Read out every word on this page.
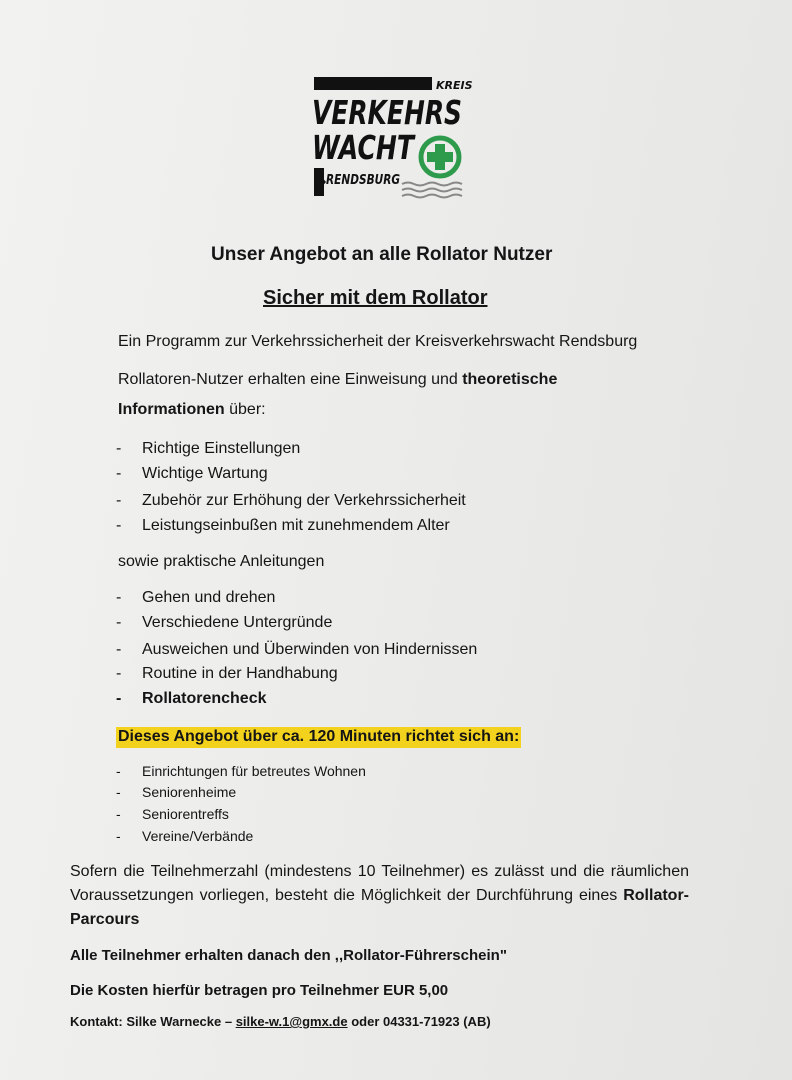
KREIS
VERKEHRS
WACHT
RENDSBURG
Unser Angebot an alle Rollator Nutzer
Sicher mit dem Rollator
Ein Programm zur Verkehrssicherheit der Kreisverkehrswacht Rendsburg
Rollatoren-Nutzer erhalten eine Einweisung und theoretische
Informationen über:
- Richtige Einstellungen
- Wichtige Wartung
- Zubehör zur Erhöhung der Verkehrssicherheit
- Leistungseinbußen mit zunehmendem Alter
sowie praktische Anleitungen
- Gehen und drehen
- Verschiedene Untergründe
- Ausweichen und Überwinden von Hindernissen
- Routine in der Handhabung
- Rollatorencheck
Dieses Angebot über ca. 120 Minuten richtet sich an:
- Einrichtungen für betreutes Wohnen
- Seniorenheime
- Seniorentreffs
- Vereine/Verbände
Sofern die Teilnehmerzahl (mindestens 10 Teilnehmer) es zulässt und die räumlichen Voraussetzungen vorliegen, besteht die Möglichkeit der Durchführung eines Rollator-Parcours
Alle Teilnehmer erhalten danach den ,,Rollator-Führerschein"
Die Kosten hierfür betragen pro Teilnehmer EUR 5,00
Kontakt: Silke Warnecke – silke-w.1@gmx.de oder 04331-71923 (AB)
